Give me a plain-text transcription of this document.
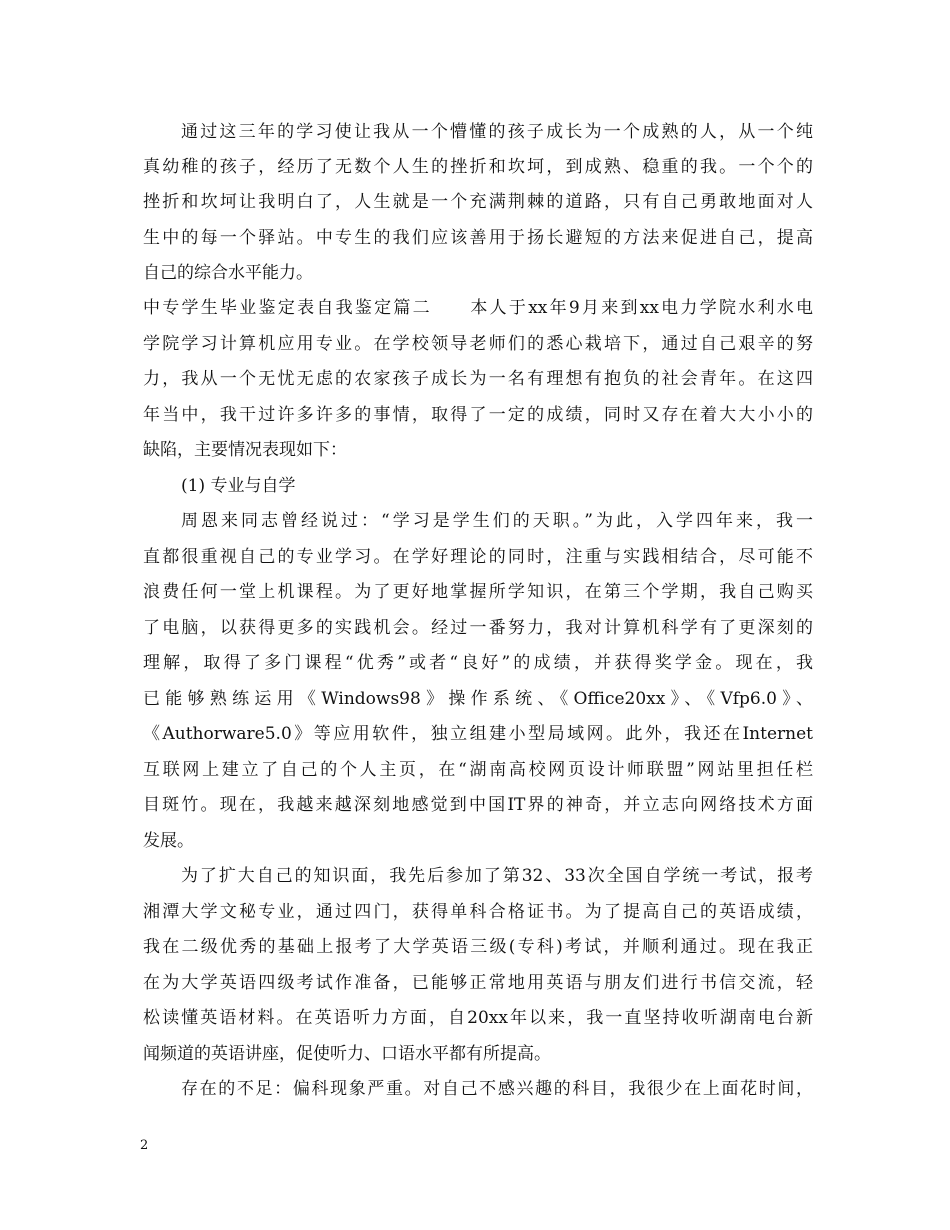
通过这三年的学习使让我从一个懵懂的孩子成长为一个成熟的人，从一个纯
真幼稚的孩子，经历了无数个人生的挫折和坎坷，到成熟、稳重的我。一个个的
挫折和坎坷让我明白了，人生就是一个充满荆棘的道路，只有自己勇敢地面对人
生中的每一个驿站。中专生的我们应该善用于扬长避短的方法来促进自己，提高
自己的综合水平能力。
中专学生毕业鉴定表自我鉴定篇二　　本人于xx年9月来到xx电力学院水利水电
学院学习计算机应用专业。在学校领导老师们的悉心栽培下，通过自己艰辛的努
力，我从一个无忧无虑的农家孩子成长为一名有理想有抱负的社会青年。在这四
年当中，我干过许多许多的事情，取得了一定的成绩，同时又存在着大大小小的
缺陷，主要情况表现如下：
(1) 专业与自学
周恩来同志曾经说过：“学习是学生们的天职。”为此，入学四年来，我一
直都很重视自己的专业学习。在学好理论的同时，注重与实践相结合，尽可能不
浪费任何一堂上机课程。为了更好地掌握所学知识，在第三个学期，我自己购买
了电脑，以获得更多的实践机会。经过一番努力，我对计算机科学有了更深刻的
理解，取得了多门课程“优秀”或者“良好”的成绩，并获得奖学金。现在，我
已能够熟练运用《Windows98》操作系统、《Office20xx》、《Vfp6.0》、
《Authorware5.0》等应用软件，独立组建小型局域网。此外，我还在Internet
互联网上建立了自己的个人主页，在“湖南高校网页设计师联盟”网站里担任栏
目斑竹。现在，我越来越深刻地感觉到中国IT界的神奇，并立志向网络技术方面
发展。
为了扩大自己的知识面，我先后参加了第32、33次全国自学统一考试，报考
湘潭大学文秘专业，通过四门，获得单科合格证书。为了提高自己的英语成绩，
我在二级优秀的基础上报考了大学英语三级(专科)考试，并顺利通过。现在我正
在为大学英语四级考试作准备，已能够正常地用英语与朋友们进行书信交流，轻
松读懂英语材料。在英语听力方面，自20xx年以来，我一直坚持收听湖南电台新
闻频道的英语讲座，促使听力、口语水平都有所提高。
存在的不足：偏科现象严重。对自己不感兴趣的科目，我很少在上面花时间，
2
